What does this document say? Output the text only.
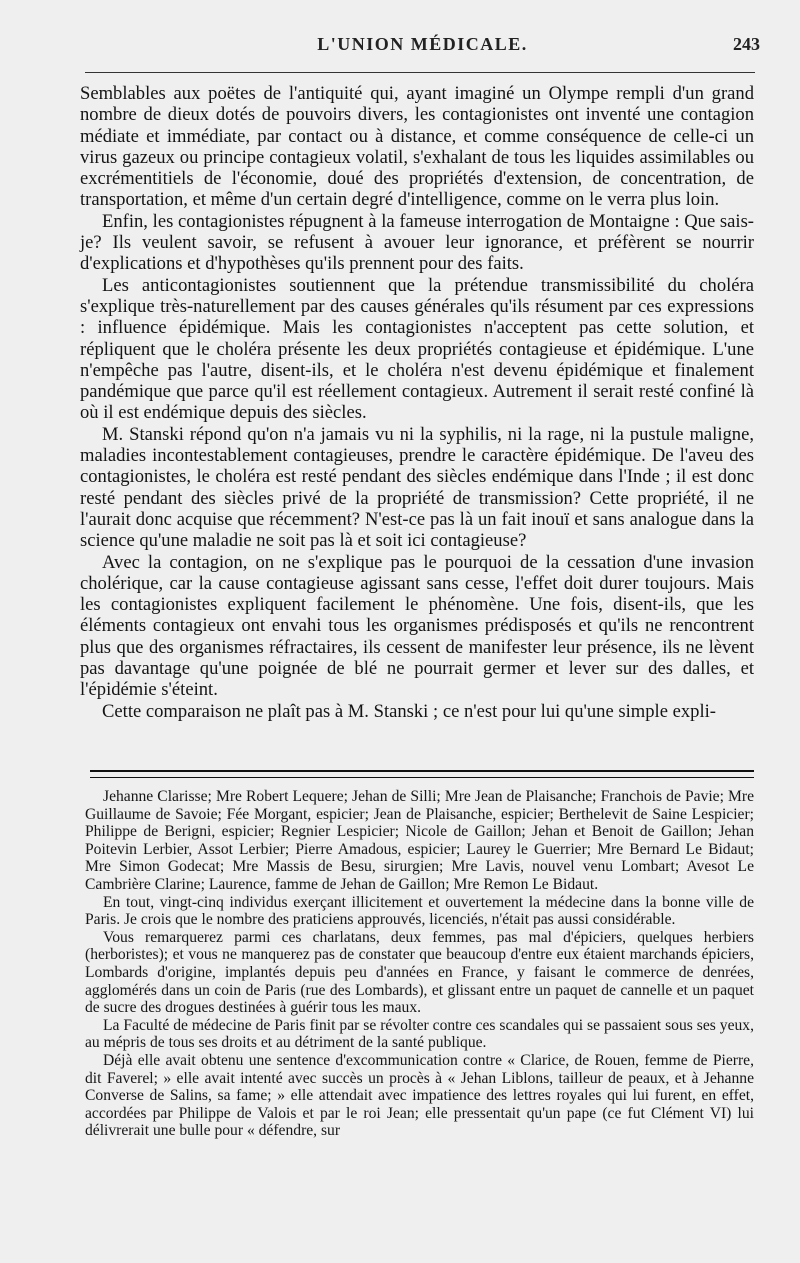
L'UNION MÉDICALE.	243

Semblables aux poëtes de l'antiquité qui, ayant imaginé un Olympe rempli d'un grand nombre de dieux dotés de pouvoirs divers, les contagionistes ont inventé une contagion médiate et immédiate, par contact ou à distance, et comme conséquence de celle-ci un virus gazeux ou principe contagieux volatil, s'exhalant de tous les liquides assimilables ou excrémentitiels de l'économie, doué des propriétés d'extension, de concentration, de transportation, et même d'un certain degré d'intelligence, comme on le verra plus loin.

Enfin, les contagionistes répugnent à la fameuse interrogation de Montaigne : Que sais-je? Ils veulent savoir, se refusent à avouer leur ignorance, et préfèrent se nourrir d'explications et d'hypothèses qu'ils prennent pour des faits.

Les anticontagionistes soutiennent que la prétendue transmissibilité du choléra s'explique très-naturellement par des causes générales qu'ils résument par ces expressions : influence épidémique. Mais les contagionistes n'acceptent pas cette solution, et répliquent que le choléra présente les deux propriétés contagieuse et épidémique. L'une n'empêche pas l'autre, disent-ils, et le choléra n'est devenu épidémique et finalement pandémique que parce qu'il est réellement contagieux. Autrement il serait resté confiné là où il est endémique depuis des siècles.

M. Stanski répond qu'on n'a jamais vu ni la syphilis, ni la rage, ni la pustule maligne, maladies incontestablement contagieuses, prendre le caractère épidémique. De l'aveu des contagionistes, le choléra est resté pendant des siècles endémique dans l'Inde ; il est donc resté pendant des siècles privé de la propriété de transmission? Cette propriété, il ne l'aurait donc acquise que récemment? N'est-ce pas là un fait inouï et sans analogue dans la science qu'une maladie ne soit pas là et soit ici contagieuse?

Avec la contagion, on ne s'explique pas le pourquoi de la cessation d'une invasion cholérique, car la cause contagieuse agissant sans cesse, l'effet doit durer toujours. Mais les contagionistes expliquent facilement le phénomène. Une fois, disent-ils, que les éléments contagieux ont envahi tous les organismes prédisposés et qu'ils ne rencontrent plus que des organismes réfractaires, ils cessent de manifester leur présence, ils ne lèvent pas davantage qu'une poignée de blé ne pourrait germer et lever sur des dalles, et l'épidémie s'éteint.

Cette comparaison ne plaît pas à M. Stanski ; ce n'est pour lui qu'une simple expli-

Jehanne Clarisse; Mre Robert Lequere; Jehan de Silli; Mre Jean de Plaisanche; Franchois de Pavie; Mre Guillaume de Savoie; Fée Morgant, espicier; Jean de Plaisanche, espicier; Berthelevit de Saine Lespicier; Philippe de Berigni, espicier; Regnier Lespicier; Nicole de Gaillon; Jehan et Benoit de Gaillon; Jehan Poitevin Lerbier, Assot Lerbier; Pierre Amadous, espicier; Laurey le Guerrier; Mre Bernard Le Bidaut; Mre Simon Godecat; Mre Massis de Besu, sirurgien; Mre Lavis, nouvel venu Lombart; Avesot Le Cambrière Clarine; Laurence, famme de Jehan de Gaillon; Mre Remon Le Bidaut.

En tout, vingt-cinq individus exerçant illicitement et ouvertement la médecine dans la bonne ville de Paris. Je crois que le nombre des praticiens approuvés, licenciés, n'était pas aussi considérable.

Vous remarquerez parmi ces charlatans, deux femmes, pas mal d'épiciers, quelques herbiers (herboristes); et vous ne manquerez pas de constater que beaucoup d'entre eux étaient marchands épiciers, Lombards d'origine, implantés depuis peu d'années en France, y faisant le commerce de denrées, agglomérés dans un coin de Paris (rue des Lombards), et glissant entre un paquet de cannelle et un paquet de sucre des drogues destinées à guérir tous les maux.

La Faculté de médecine de Paris finit par se révolter contre ces scandales qui se passaient sous ses yeux, au mépris de tous ses droits et au détriment de la santé publique.

Déjà elle avait obtenu une sentence d'excommunication contre « Clarice, de Rouen, femme de Pierre, dit Faverel; » elle avait intenté avec succès un procès à « Jehan Liblons, tailleur de peaux, et à Jehanne Converse de Salins, sa fame; » elle attendait avec impatience des lettres royales qui lui furent, en effet, accordées par Philippe de Valois et par le roi Jean; elle pressentait qu'un pape (ce fut Clément VI) lui délivrerait une bulle pour « défendre, sur
